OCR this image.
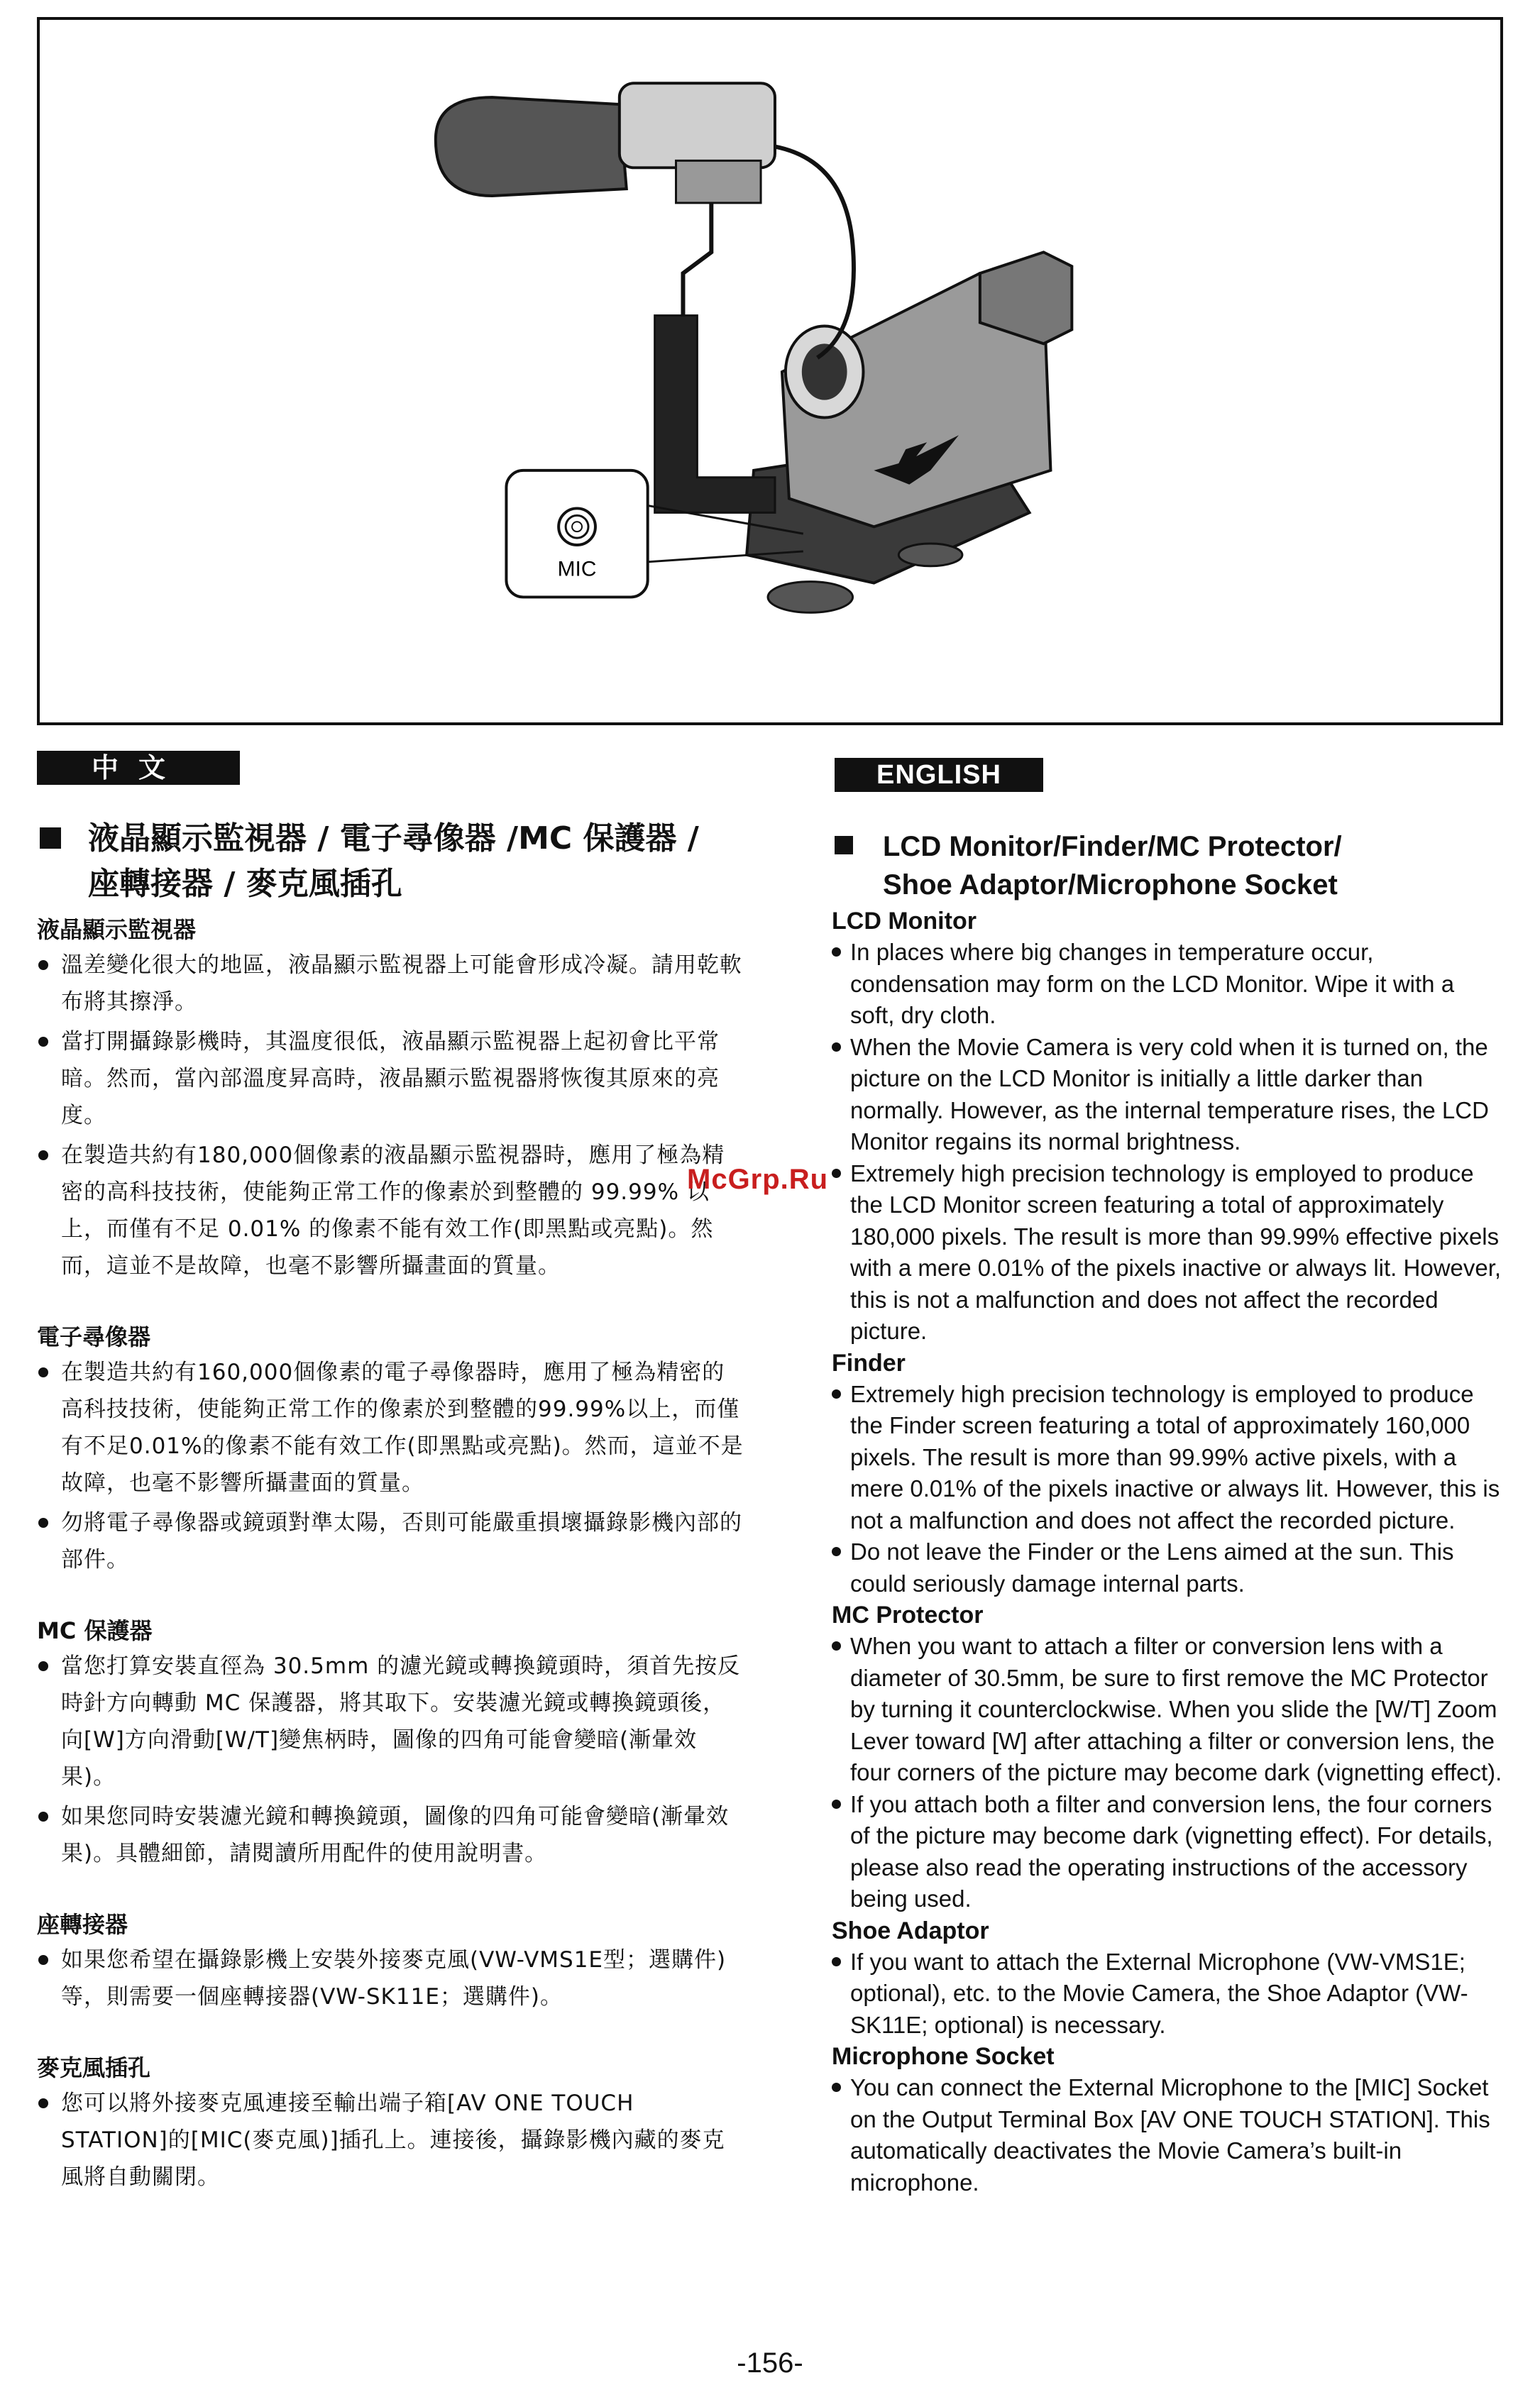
MIC
中文	ENGLISH
液晶顯示監視器 / 電子尋像器 /MC 保護器 /
座轉接器 / 麥克風插孔
液晶顯示監視器
溫差變化很大的地區，液晶顯示監視器上可能會形成冷凝。請用乾軟布將其擦淨。
當打開攝錄影機時，其溫度很低，液晶顯示監視器上起初會比平常暗。然而，當內部溫度昇高時，液晶顯示監視器將恢復其原來的亮度。
在製造共約有180,000個像素的液晶顯示監視器時，應用了極為精密的高科技技術，使能夠正常工作的像素於到整體的 99.99% 以上，而僅有不足 0.01% 的像素不能有效工作(即黑點或亮點)。然而，這並不是故障，也毫不影響所攝畫面的質量。
電子尋像器
在製造共約有160,000個像素的電子尋像器時，應用了極為精密的高科技技術，使能夠正常工作的像素於到整體的99.99%以上，而僅有不足0.01%的像素不能有效工作(即黑點或亮點)。然而，這並不是故障，也毫不影響所攝畫面的質量。
勿將電子尋像器或鏡頭對準太陽，否則可能嚴重損壞攝錄影機內部的部件。
MC 保護器
當您打算安裝直徑為 30.5mm 的濾光鏡或轉換鏡頭時，須首先按反時針方向轉動 MC 保護器，將其取下。安裝濾光鏡或轉換鏡頭後，向[W]方向滑動[W/T]變焦柄時，圖像的四角可能會變暗(漸暈效果)。
如果您同時安裝濾光鏡和轉換鏡頭，圖像的四角可能會變暗(漸暈效果)。具體細節，請閱讀所用配件的使用說明書。
座轉接器
如果您希望在攝錄影機上安裝外接麥克風(VW-VMS1E型；選購件)等，則需要一個座轉接器(VW-SK11E；選購件)。
麥克風插孔
您可以將外接麥克風連接至輸出端子箱[AV ONE TOUCH STATION]的[MIC(麥克風)]插孔上。連接後，攝錄影機內藏的麥克風將自動關閉。
LCD Monitor/Finder/MC Protector/
Shoe Adaptor/Microphone Socket
LCD Monitor
In places where big changes in temperature occur, condensation may form on the LCD Monitor. Wipe it with a soft, dry cloth.
When the Movie Camera is very cold when it is turned on, the picture on the LCD Monitor is initially a little darker than normally. However, as the internal temperature rises, the LCD Monitor regains its normal brightness.
Extremely high precision technology is employed to produce the LCD Monitor screen featuring a total of approximately 180,000 pixels. The result is more than 99.99% effective pixels with a mere 0.01% of the pixels inactive or always lit. However, this is not a malfunction and does not affect the recorded picture.
Finder
Extremely high precision technology is employed to produce the Finder screen featuring a total of approximately 160,000 pixels. The result is more than 99.99% active pixels, with a mere 0.01% of the pixels inactive or always lit. However, this is not a malfunction and does not affect the recorded picture.
Do not leave the Finder or the Lens aimed at the sun. This could seriously damage internal parts.
MC Protector
When you want to attach a filter or conversion lens with a diameter of 30.5mm, be sure to first remove the MC Protector by turning it counterclockwise. When you slide the [W/T] Zoom Lever toward [W] after attaching a filter or conversion lens, the four corners of the picture may become dark (vignetting effect).
If you attach both a filter and conversion lens, the four corners of the picture may become dark (vignetting effect). For details, please also read the operating instructions of the accessory being used.
Shoe Adaptor
If you want to attach the External Microphone (VW-VMS1E; optional), etc. to the Movie Camera, the Shoe Adaptor (VW-SK11E; optional) is necessary.
Microphone Socket
You can connect the External Microphone to the [MIC] Socket on the Output Terminal Box [AV ONE TOUCH STATION]. This automatically deactivates the Movie Camera’s built-in microphone.
McGrp.Ru
-156-
